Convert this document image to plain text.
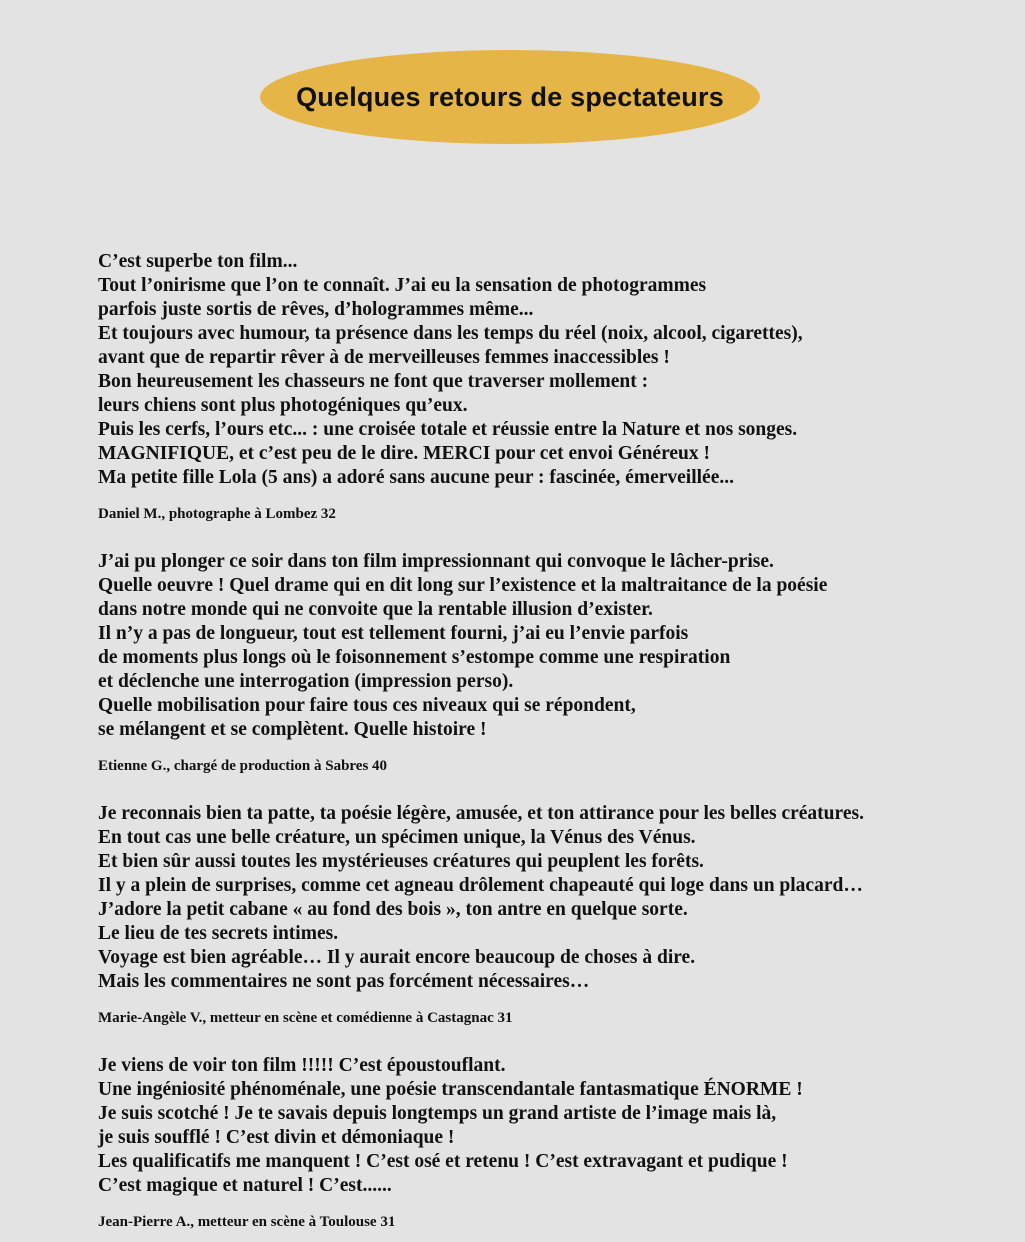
Quelques retours de spectateurs
C’est superbe ton film...
Tout l’onirisme que l’on te connaît. J’ai eu la sensation de photogrammes
parfois juste sortis de rêves, d’hologrammes même...
Et toujours avec humour, ta présence dans les temps du réel (noix, alcool, cigarettes),
avant que de repartir rêver à de merveilleuses femmes inaccessibles !
Bon heureusement les chasseurs ne font que traverser mollement :
leurs chiens sont plus photogéniques qu’eux.
Puis les cerfs, l’ours etc... : une croisée totale et réussie entre la Nature et nos songes.
MAGNIFIQUE, et c’est peu de le dire. MERCI pour cet envoi Généreux !
Ma petite fille Lola (5 ans) a adoré sans aucune peur : fascinée, émerveillée...
Daniel M., photographe à Lombez 32
J’ai pu plonger ce soir dans ton film impressionnant qui convoque le lâcher-prise.
Quelle oeuvre ! Quel drame qui en dit long sur l’existence et la maltraitance de la poésie
dans notre monde qui ne convoite que la rentable illusion d’exister.
Il n’y a pas de longueur, tout est tellement fourni, j’ai eu l’envie parfois
de moments plus longs où le foisonnement s’estompe comme une respiration
et déclenche une interrogation (impression perso).
Quelle mobilisation pour faire tous ces niveaux qui se répondent,
se mélangent et se complètent. Quelle histoire !
Etienne G., chargé de production à Sabres 40
Je reconnais bien ta patte, ta poésie légère, amusée, et ton attirance pour les belles créatures.
En tout cas une belle créature, un spécimen unique, la Vénus des Vénus.
Et bien sûr aussi toutes les mystérieuses créatures qui peuplent les forêts.
Il y a plein de surprises, comme cet agneau drôlement chapeauté qui loge dans un placard…
J’adore la petit cabane « au fond des bois », ton antre en quelque sorte.
Le lieu de tes secrets intimes.
Voyage est bien agréable… Il y aurait encore beaucoup de choses à dire.
Mais les commentaires ne sont pas forcément nécessaires…
Marie-Angèle V., metteur en scène et comédienne à Castagnac 31
Je viens de voir ton film !!!!! C’est époustouflant.
Une ingéniosité phénoménale, une poésie transcendantale fantasmatique ÉNORME !
Je suis scotché ! Je te savais depuis longtemps un grand artiste de l’image mais là,
je suis soufflé ! C’est divin et démoniaque !
Les qualificatifs me manquent ! C’est osé et retenu ! C’est extravagant et pudique !
C’est magique et naturel ! C’est......
Jean-Pierre A., metteur en scène à Toulouse 31
